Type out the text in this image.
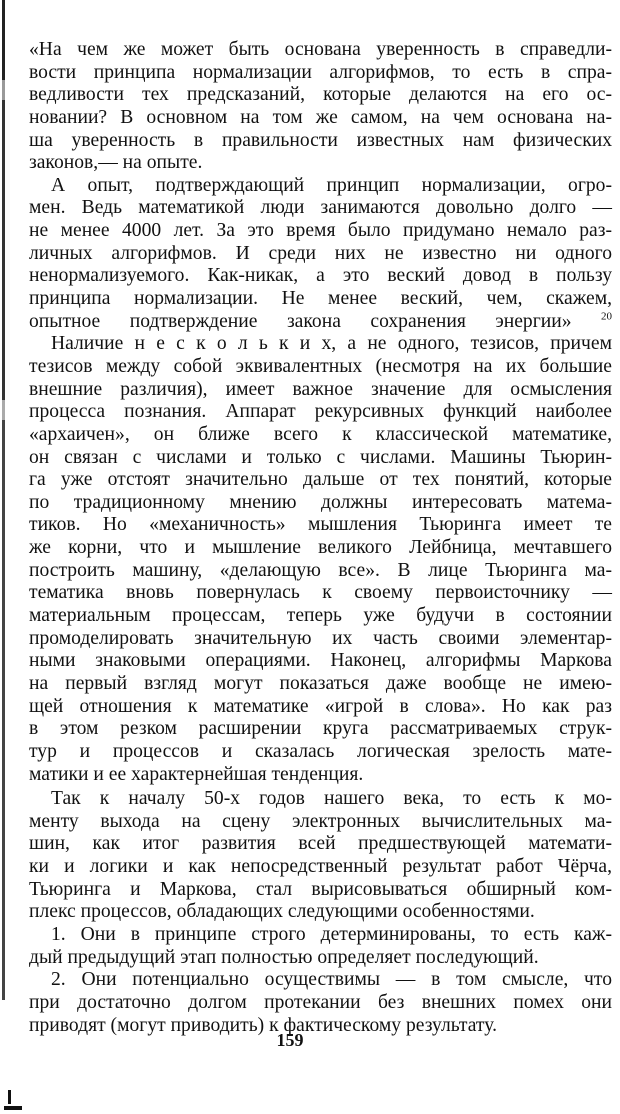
«На чем же может быть основана уверенность в справедли-
вости принципа нормализации алгорифмов, то есть в спра-
ведливости тех предсказаний, которые делаются на его ос-
новании? В основном на том же самом, на чем основана на-
ша уверенность в правильности известных нам физических
законов,— на опыте.
А опыт, подтверждающий принцип нормализации, огро-
мен. Ведь математикой люди занимаются довольно долго —
не менее 4000 лет. За это время было придумано немало раз-
личных алгорифмов. И среди них не известно ни одного
ненормализуемого. Как-никак, а это веский довод в пользу
принципа нормализации. Не менее веский, чем, скажем,
опытное подтверждение закона сохранения энергии»	$^{20}$
Наличие н е с к о л ь к и х, а не одного, тезисов, причем
тезисов между собой эквивалентных (несмотря на их большие
внешние различия), имеет важное значение для осмысления
процесса познания. Аппарат рекурсивных функций наиболее
«архаичен», он ближе всего к классической математике,
он связан с числами и только с числами. Машины Тьюрин-
га уже отстоят значительно дальше от тех понятий, которые
по традиционному мнению должны интересовать матема-
тиков. Но «механичность» мышления Тьюринга имеет те
же корни, что и мышление великого Лейбница, мечтавшего
построить машину, «делающую все». В лице Тьюринга ма-
тематика вновь повернулась к своему первоисточнику —
материальным процессам, теперь уже будучи в состоянии
промоделировать значительную их часть своими элементар-
ными знаковыми операциями. Наконец, алгорифмы Маркова
на первый взгляд могут показаться даже вообще не имею-
щей отношения к математике «игрой в слова». Но как раз
в этом резком расширении круга рассматриваемых струк-
тур и процессов и сказалась логическая зрелость мате-
матики и ее характернейшая тенденция.
Так к началу 50-х годов нашего века, то есть к мо-
менту выхода на сцену электронных вычислительных ма-
шин, как итог развития всей предшествующей математи-
ки и логики и как непосредственный результат работ Чёрча,
Тьюринга и Маркова, стал вырисовываться обширный ком-
плекс процессов, обладающих следующими особенностями.
1. Они в принципе строго детерминированы, то есть каж-
дый предыдущий этап полностью определяет последующий.
2. Они потенциально осуществимы — в том смысле, что
при достаточно долгом протекании без внешних помех они
приводят (могут приводить) к фактическому результату.
159
